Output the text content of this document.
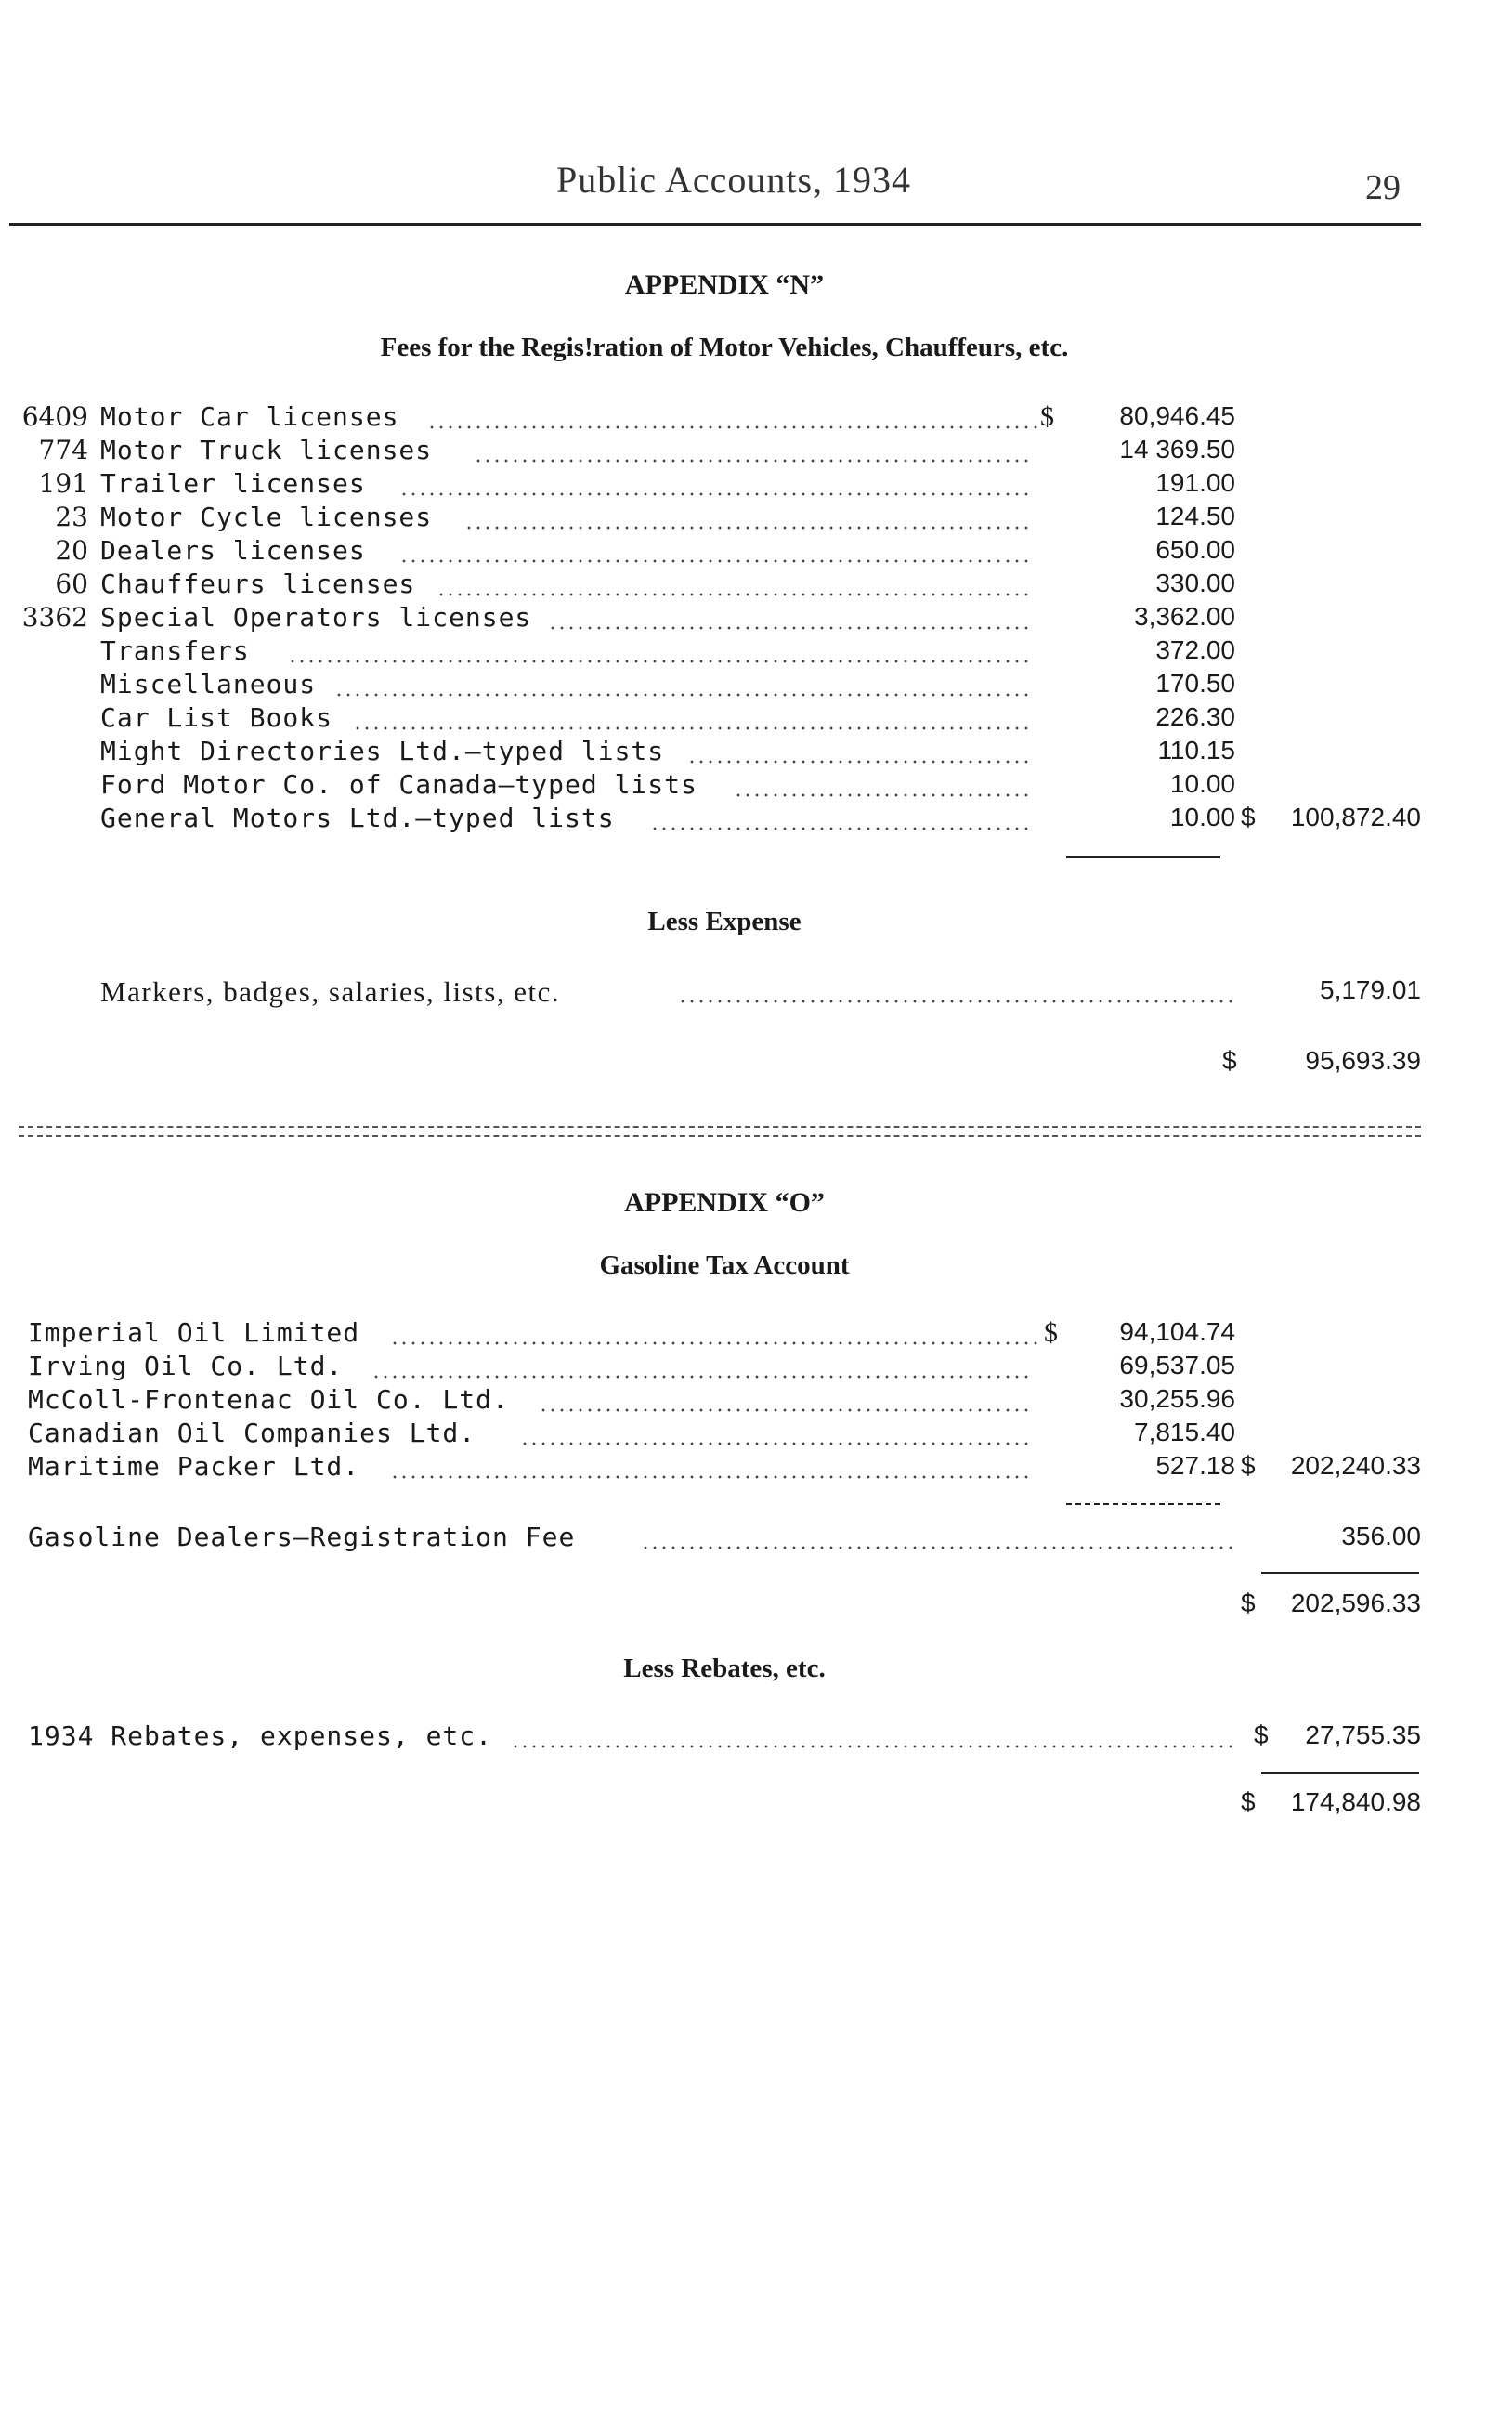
Public Accounts, 1934	29
APPENDIX “N”
Fees for the Regis!ration of Motor Vehicles, Chauffeurs, etc.
6409 Motor Car licenses	$	80,946.45
774 Motor Truck licenses	14 369.50
191 Trailer licenses	191.00
23 Motor Cycle licenses	124.50
20 Dealers licenses	650.00
60 Chauffeurs licenses	330.00
3362 Special Operators licenses	3,362.00
Transfers	372.00
Miscellaneous	170.50
Car List Books	226.30
Might Directories Ltd.—typed lists	110.15
Ford Motor Co. of Canada—typed lists	10.00
General Motors Ltd.—typed lists	10.00 $ 100,872.40
Less Expense
Markers, badges, salaries, lists, etc.	5,179.01
$	95,693.39
APPENDIX “O”
Gasoline Tax Account
Imperial Oil Limited	$ 94,104.74
Irving Oil Co. Ltd.	69,537.05
McColl-Frontenac Oil Co. Ltd.	30,255.96
Canadian Oil Companies Ltd.	7,815.40
Maritime Packer Ltd.	527.18 $ 202,240.33
Gasoline Dealers—Registration Fee	356.00
$ 202,596.33
Less Rebates, etc.
1934 Rebates, expenses, etc.	$ 27,755.35
$ 174,840.98
